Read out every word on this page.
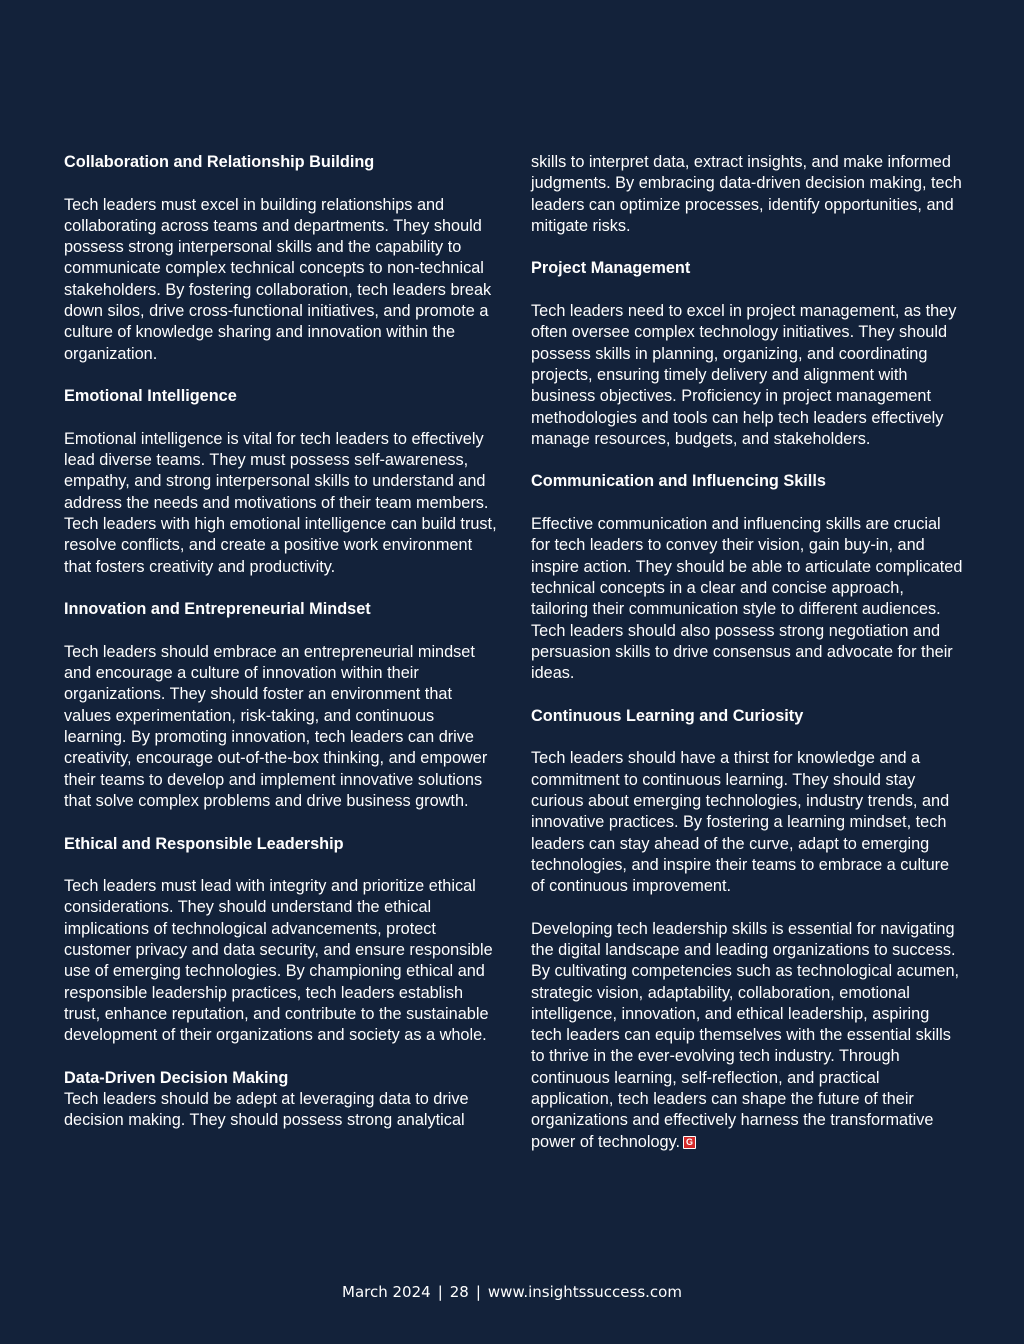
Collaboration and Relationship Building

Tech leaders must excel in building relationships and collaborating across teams and departments. They should possess strong interpersonal skills and the capability to communicate complex technical concepts to non-technical stakeholders. By fostering collaboration, tech leaders break down silos, drive cross-functional initiatives, and promote a culture of knowledge sharing and innovation within the organization.

Emotional Intelligence

Emotional intelligence is vital for tech leaders to effectively lead diverse teams. They must possess self-awareness, empathy, and strong interpersonal skills to understand and address the needs and motivations of their team members. Tech leaders with high emotional intelligence can build trust, resolve conflicts, and create a positive work environment that fosters creativity and productivity.

Innovation and Entrepreneurial Mindset

Tech leaders should embrace an entrepreneurial mindset and encourage a culture of innovation within their organizations. They should foster an environment that values experimentation, risk-taking, and continuous learning. By promoting innovation, tech leaders can drive creativity, encourage out-of-the-box thinking, and empower their teams to develop and implement innovative solutions that solve complex problems and drive business growth.

Ethical and Responsible Leadership

Tech leaders must lead with integrity and prioritize ethical considerations. They should understand the ethical implications of technological advancements, protect customer privacy and data security, and ensure responsible use of emerging technologies. By championing ethical and responsible leadership practices, tech leaders establish trust, enhance reputation, and contribute to the sustainable development of their organizations and society as a whole.

Data-Driven Decision Making

Tech leaders should be adept at leveraging data to drive decision making. They should possess strong analytical

skills to interpret data, extract insights, and make informed judgments. By embracing data-driven decision making, tech leaders can optimize processes, identify opportunities, and mitigate risks.

Project Management

Tech leaders need to excel in project management, as they often oversee complex technology initiatives. They should possess skills in planning, organizing, and coordinating projects, ensuring timely delivery and alignment with business objectives. Proficiency in project management methodologies and tools can help tech leaders effectively manage resources, budgets, and stakeholders.

Communication and Influencing Skills

Effective communication and influencing skills are crucial for tech leaders to convey their vision, gain buy-in, and inspire action. They should be able to articulate complicated technical concepts in a clear and concise approach, tailoring their communication style to different audiences. Tech leaders should also possess strong negotiation and persuasion skills to drive consensus and advocate for their ideas.

Continuous Learning and Curiosity

Tech leaders should have a thirst for knowledge and a commitment to continuous learning. They should stay curious about emerging technologies, industry trends, and innovative practices. By fostering a learning mindset, tech leaders can stay ahead of the curve, adapt to emerging technologies, and inspire their teams to embrace a culture of continuous improvement.

Developing tech leadership skills is essential for navigating the digital landscape and leading organizations to success. By cultivating competencies such as technological acumen, strategic vision, adaptability, collaboration, emotional intelligence, innovation, and ethical leadership, aspiring tech leaders can equip themselves with the essential skills to thrive in the ever-evolving tech industry. Through continuous learning, self-reflection, and practical application, tech leaders can shape the future of their organizations and effectively harness the transformative power of technology. G

March 2024 | 28 | www.insightssuccess.com
